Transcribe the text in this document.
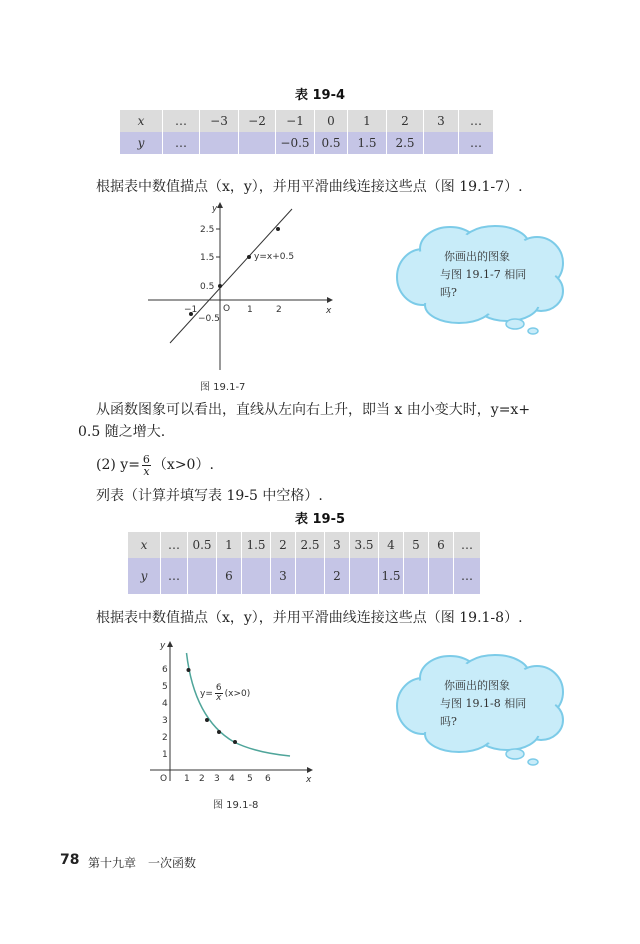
表 19-4
x	…	−3	−2	−1	0	1	2	3	…
y	…			−0.5	0.5	1.5	2.5		…
根据表中数值描点（x，y），并用平滑曲线连接这些点（图 19.1-7）.
y
x
O
−1	1	2
2.5
1.5
0.5
−0.5
y=x+0.5
图 19.1-7
你画出的图象
与图 19.1-7 相同
吗?
从函数图象可以看出，直线从左向右上升，即当 x 由小变大时，y=x+
0.5 随之增大.
(2) $y= \frac{6}{x} (x>0)$.
列表（计算并填写表 19-5 中空格）.
表 19-5
x	…	0.5	1	1.5	2	2.5	3	3.5	4	5	6	…
y	…		6		3		2		1.5			…
根据表中数值描点（x，y），并用平滑曲线连接这些点（图 19.1-8）.
y
x
O 1 2 3 4 5 6
1
2
3
4
5
6
$y= \frac{6}{x} (x>0)$
图 19.1-8
你画出的图象
与图 19.1-8 相同
吗?
78 第十九章　一次函数
